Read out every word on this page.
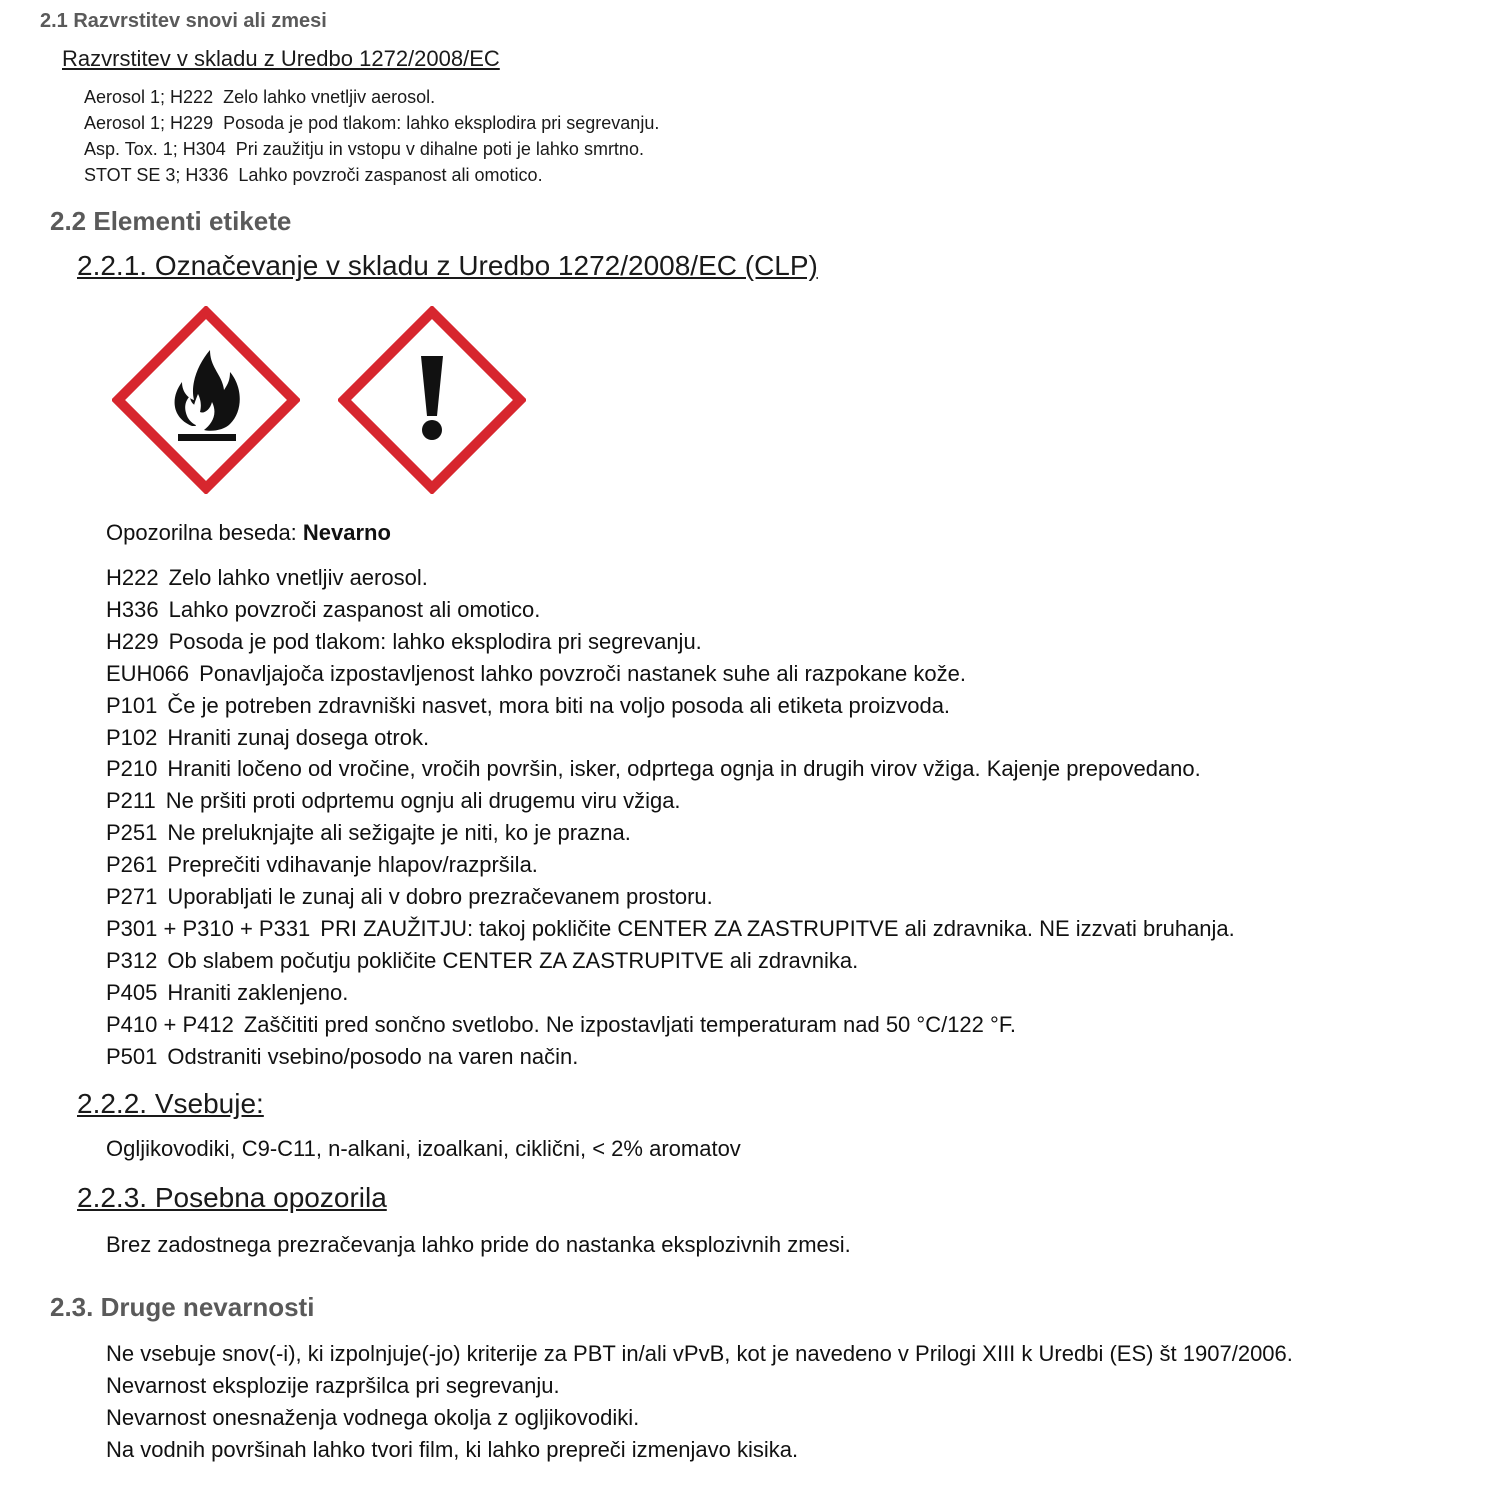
2.1 Razvrstitev snovi ali zmesi
Razvrstitev v skladu z Uredbo 1272/2008/EC
Aerosol 1; H222 Zelo lahko vnetljiv aerosol.
Aerosol 1; H229 Posoda je pod tlakom: lahko eksplodira pri segrevanju.
Asp. Tox. 1; H304 Pri zaužitju in vstopu v dihalne poti je lahko smrtno.
STOT SE 3; H336 Lahko povzroči zaspanost ali omotico.
2.2 Elementi etikete
2.2.1. Označevanje v skladu z Uredbo 1272/2008/EC (CLP)
Opozorilna beseda: Nevarno
H222 Zelo lahko vnetljiv aerosol.
H336 Lahko povzroči zaspanost ali omotico.
H229 Posoda je pod tlakom: lahko eksplodira pri segrevanju.
EUH066 Ponavljajoča izpostavljenost lahko povzroči nastanek suhe ali razpokane kože.
P101 Če je potreben zdravniški nasvet, mora biti na voljo posoda ali etiketa proizvoda.
P102 Hraniti zunaj dosega otrok.
P210 Hraniti ločeno od vročine, vročih površin, isker, odprtega ognja in drugih virov vžiga. Kajenje prepovedano.
P211 Ne pršiti proti odprtemu ognju ali drugemu viru vžiga.
P251 Ne preluknjajte ali sežigajte je niti, ko je prazna.
P261 Preprečiti vdihavanje hlapov/razpršila.
P271 Uporabljati le zunaj ali v dobro prezračevanem prostoru.
P301 + P310 + P331 PRI ZAUŽITJU: takoj pokličite CENTER ZA ZASTRUPITVE ali zdravnika. NE izzvati bruhanja.
P312 Ob slabem počutju pokličite CENTER ZA ZASTRUPITVE ali zdravnika.
P405 Hraniti zaklenjeno.
P410 + P412 Zaščititi pred sončno svetlobo. Ne izpostavljati temperaturam nad 50 °C/122 °F.
P501 Odstraniti vsebino/posodo na varen način.
2.2.2. Vsebuje:
Ogljikovodiki, C9-C11, n-alkani, izoalkani, ciklični, < 2% aromatov
2.2.3. Posebna opozorila
Brez zadostnega prezračevanja lahko pride do nastanka eksplozivnih zmesi.
2.3. Druge nevarnosti
Ne vsebuje snov(-i), ki izpolnjuje(-jo) kriterije za PBT in/ali vPvB, kot je navedeno v Prilogi XIII k Uredbi (ES) št 1907/2006.
Nevarnost eksplozije razpršilca pri segrevanju.
Nevarnost onesnaženja vodnega okolja z ogljikovodiki.
Na vodnih površinah lahko tvori film, ki lahko prepreči izmenjavo kisika.
